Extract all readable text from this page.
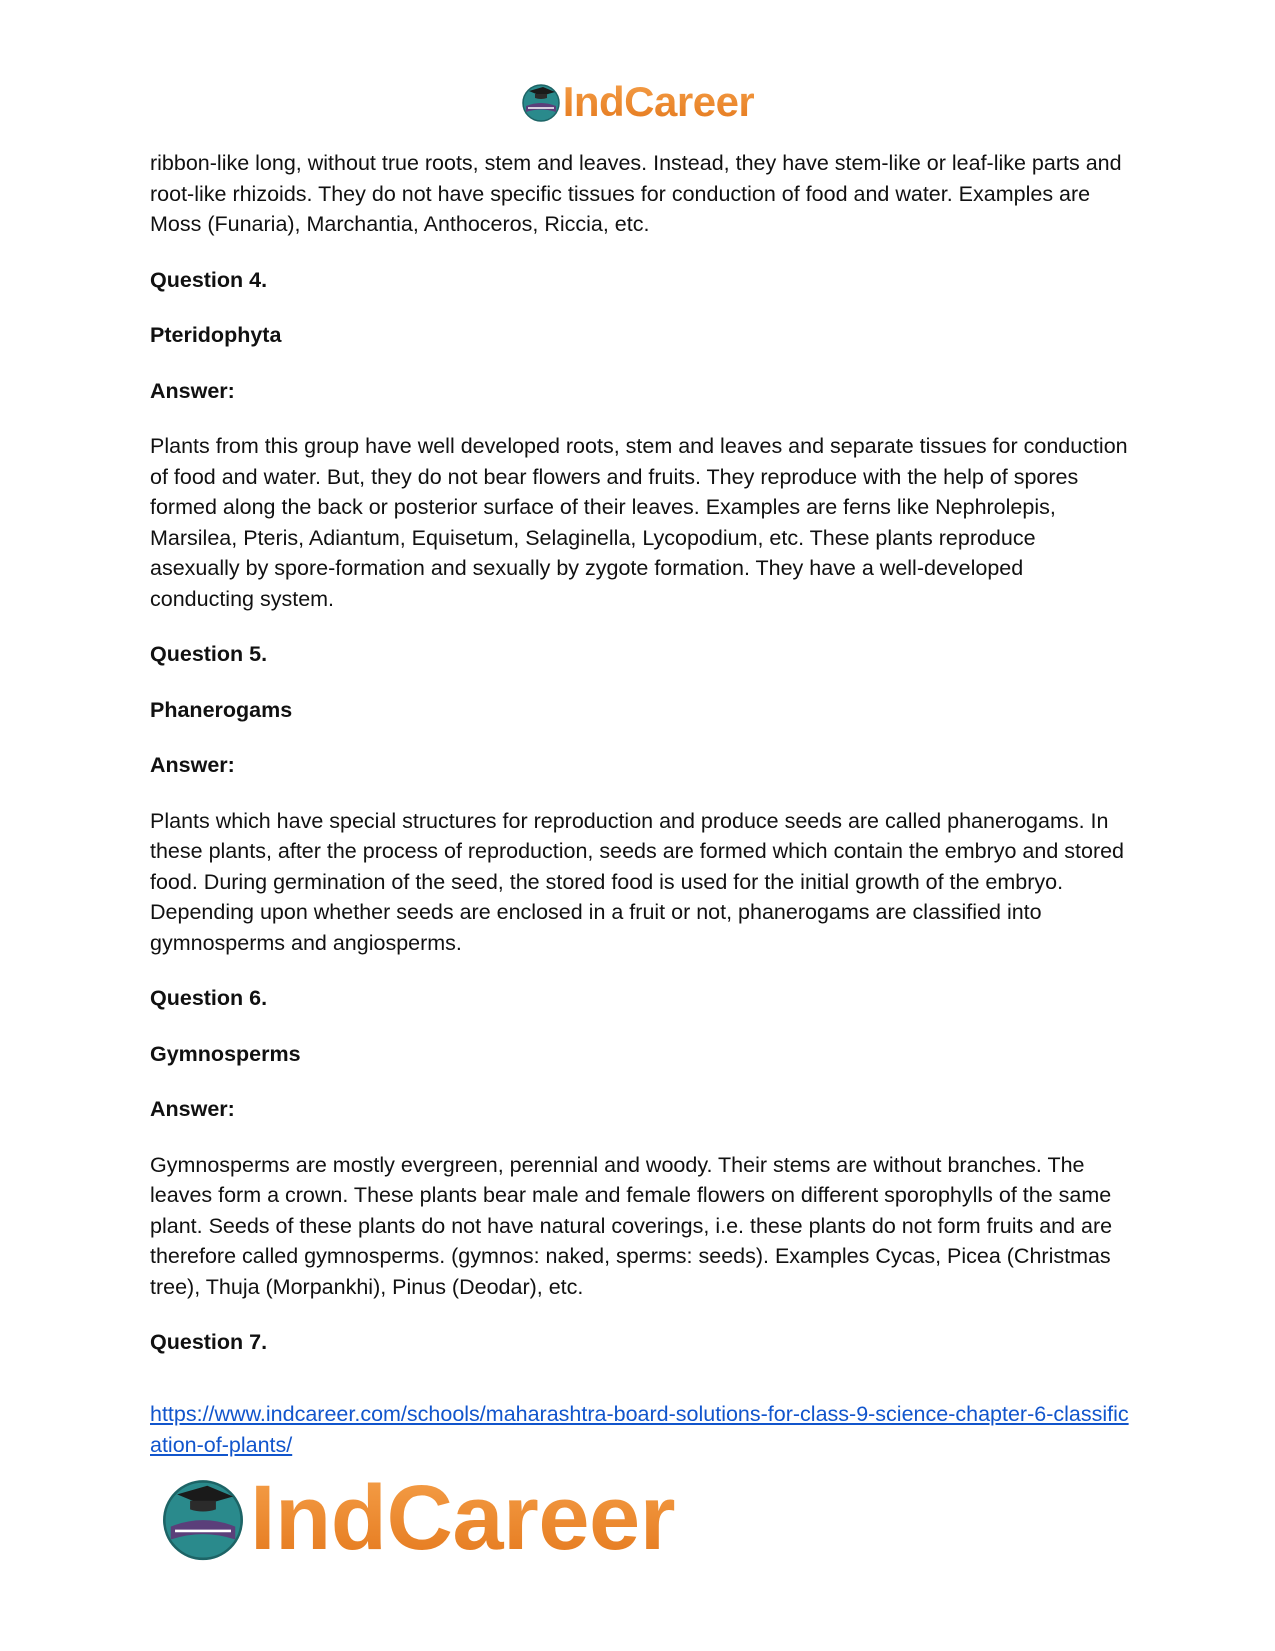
IndCareer

ribbon-like long, without true roots, stem and leaves. Instead, they have stem-like or leaf-like parts and root-like rhizoids. They do not have specific tissues for conduction of food and water. Examples are Moss (Funaria), Marchantia, Anthoceros, Riccia, etc.

Question 4.

Pteridophyta

Answer:

Plants from this group have well developed roots, stem and leaves and separate tissues for conduction of food and water. But, they do not bear flowers and fruits. They reproduce with the help of spores formed along the back or posterior surface of their leaves. Examples are ferns like Nephrolepis, Marsilea, Pteris, Adiantum, Equisetum, Selaginella, Lycopodium, etc. These plants reproduce asexually by spore-formation and sexually by zygote formation. They have a well-developed conducting system.

Question 5.

Phanerogams

Answer:

Plants which have special structures for reproduction and produce seeds are called phanerogams. In these plants, after the process of reproduction, seeds are formed which contain the embryo and stored food. During germination of the seed, the stored food is used for the initial growth of the embryo. Depending upon whether seeds are enclosed in a fruit or not, phanerogams are classified into gymnosperms and angiosperms.

Question 6.

Gymnosperms

Answer:

Gymnosperms are mostly evergreen, perennial and woody. Their stems are without branches. The leaves form a crown. These plants bear male and female flowers on different sporophylls of the same plant. Seeds of these plants do not have natural coverings, i.e. these plants do not form fruits and are therefore called gymnosperms. (gymnos: naked, sperms: seeds). Examples Cycas, Picea (Christmas tree), Thuja (Morpankhi), Pinus (Deodar), etc.

Question 7.

https://www.indcareer.com/schools/maharashtra-board-solutions-for-class-9-science-chapter-6-classification-of-plants/
IndCareer
